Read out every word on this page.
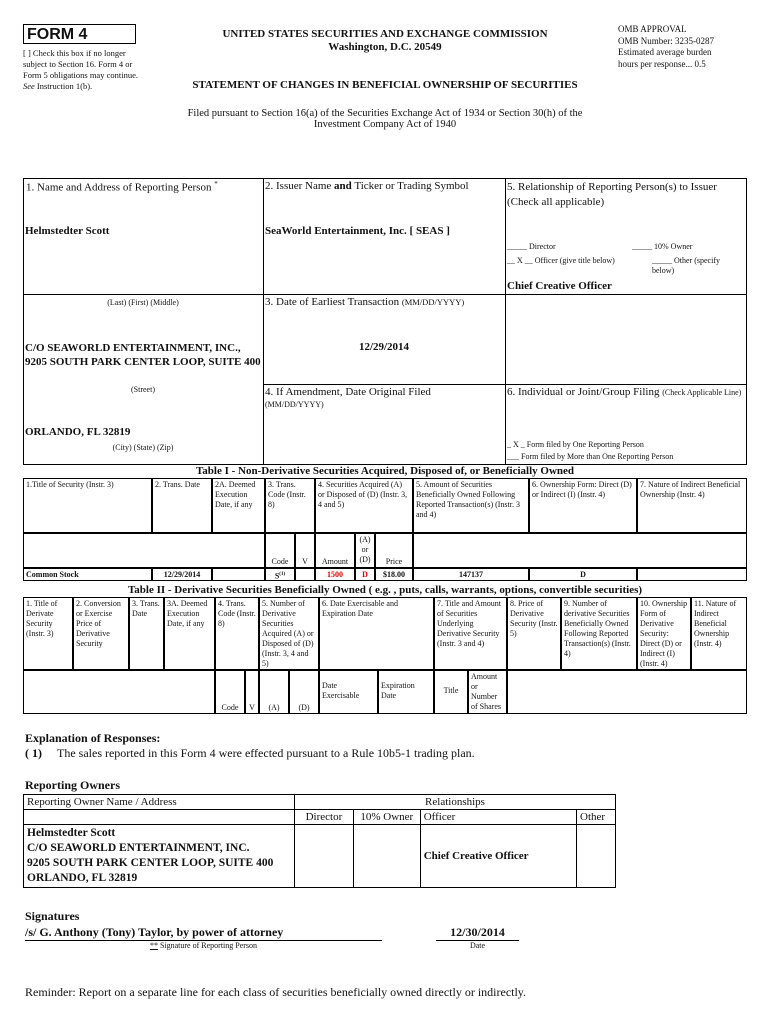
FORM 4
[ ] Check this box if no longer subject to Section 16. Form 4 or Form 5 obligations may continue. See Instruction 1(b).
UNITED STATES SECURITIES AND EXCHANGE COMMISSION
Washington, D.C. 20549
STATEMENT OF CHANGES IN BENEFICIAL OWNERSHIP OF SECURITIES
Filed pursuant to Section 16(a) of the Securities Exchange Act of 1934 or Section 30(h) of the
Investment Company Act of 1940
OMB APPROVAL
OMB Number: 3235-0287
Estimated average burden
hours per response... 0.5
1. Name and Address of Reporting Person *
Helmstedter Scott
(Last) (First) (Middle)
C/O SEAWORLD ENTERTAINMENT, INC., 9205 SOUTH PARK CENTER LOOP, SUITE 400
(Street)
ORLANDO, FL 32819
(City) (State) (Zip)
2. Issuer Name and Ticker or Trading Symbol
SeaWorld Entertainment, Inc. [ SEAS ]
3. Date of Earliest Transaction (MM/DD/YYYY)
12/29/2014
4. If Amendment, Date Original Filed
(MM/DD/YYYY)
5. Relationship of Reporting Person(s) to Issuer
(Check all applicable)
_____ Director	_____ 10% Owner
__ X __ Officer (give title below)	_____ Other (specify below)
Chief Creative Officer
6. Individual or Joint/Group Filing (Check Applicable Line)
_ X _ Form filed by One Reporting Person
___ Form filed by More than One Reporting Person
Table I - Non-Derivative Securities Acquired, Disposed of, or Beneficially Owned
1.Title of Security (Instr. 3)	2. Trans. Date	2A. Deemed Execution Date, if any
3. Trans. Code (Instr. 8)
4. Securities Acquired (A) or Disposed of (D) (Instr. 3, 4 and 5)
5. Amount of Securities Beneficially Owned Following Reported Transaction(s) (Instr. 3 and 4)
6. Ownership Form: Direct (D) or Indirect (I) (Instr. 4)
7. Nature of Indirect Beneficial Ownership (Instr. 4)
Code	V	Amount
(A) or (D)	Price
Common Stock	12/29/2014	$S^{(1)}$	1500	D	$18.00	147137	D
Table II - Derivative Securities Beneficially Owned ( e.g. , puts, calls, warrants, options, convertible securities)
1. Title of Derivate Security (Instr. 3)
2. Conversion or Exercise Price of Derivative Security
3. Trans. Date
3A. Deemed Execution Date, if any
4. Trans. Code (Instr. 8)
5. Number of Derivative Securities Acquired (A) or Disposed of (D) (Instr. 3, 4 and 5)
6. Date Exercisable and Expiration Date
7. Title and Amount of Securities Underlying Derivative Security (Instr. 3 and 4)
8. Price of Derivative Security (Instr. 5)
9. Number of derivative Securities Beneficially Owned Following Reported Transaction(s) (Instr. 4)
10. Ownership Form of Derivative Security: Direct (D) or Indirect (I) (Instr. 4)
11. Nature of Indirect Beneficial Ownership (Instr. 4)
Code	V	(A)	(D)
Date Exercisable
Expiration Date
Title
Amount or Number of Shares
Explanation of Responses:
( 1) The sales reported in this Form 4 were effected pursuant to a Rule 10b5-1 trading plan.
Reporting Owners
Reporting Owner Name / Address	Relationships			
	Director	10% Owner	Officer	Other

Helmstedter Scott
C/O SEAWORLD ENTERTAINMENT, INC.
9205 SOUTH PARK CENTER LOOP, SUITE 400
ORLANDO, FL 32819			Chief Creative Officer	
Signatures
/s/ G. Anthony (Tony) Taylor, by power of attorney
** Signature of Reporting Person
12/30/2014
Date
Reminder: Report on a separate line for each class of securities beneficially owned directly or indirectly.
